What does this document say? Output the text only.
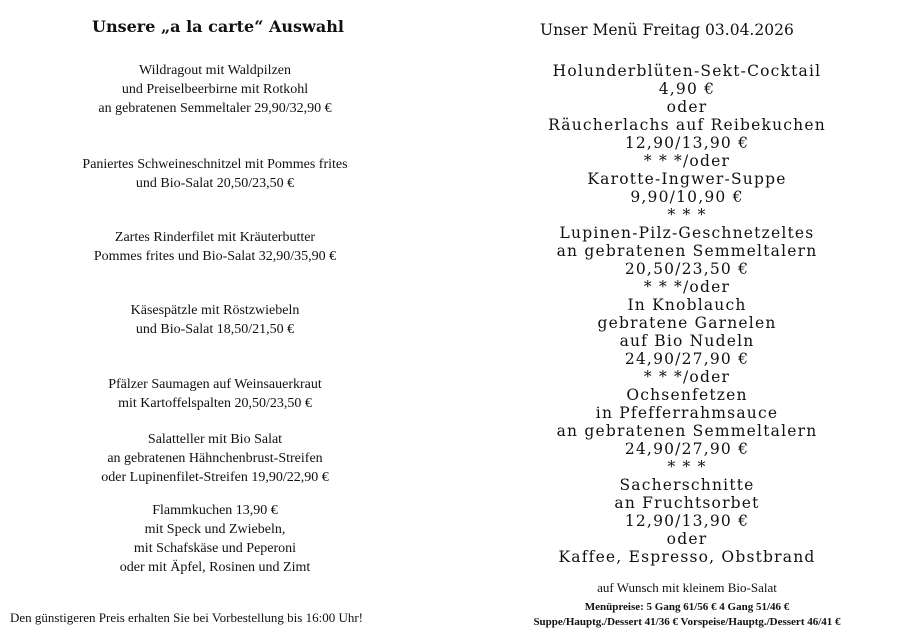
Unsere „a la carte“ Auswahl
Wildragout mit Waldpilzen
und Preiselbeerbirne mit Rotkohl
an gebratenen Semmeltaler 29,90/32,90 €
Paniertes Schweineschnitzel mit Pommes frites
und Bio-Salat 20,50/23,50 €
Zartes Rinderfilet mit Kräuterbutter
Pommes frites und Bio-Salat 32,90/35,90 €
Käsespätzle mit Röstzwiebeln
und Bio-Salat 18,50/21,50 €
Pfälzer Saumagen auf Weinsauerkraut
mit Kartoffelspalten 20,50/23,50 €
Salatteller mit Bio Salat
an gebratenen Hähnchenbrust-Streifen
oder Lupinenfilet-Streifen 19,90/22,90 €
Flammkuchen 13,90 €
mit Speck und Zwiebeln,
mit Schafskäse und Peperoni
oder mit Äpfel, Rosinen und Zimt
Den günstigeren Preis erhalten Sie bei Vorbestellung bis 16:00 Uhr!
Unser Menü Freitag 03.04.2026
Holunderblüten-Sekt-Cocktail
4,90 €
oder
Räucherlachs auf Reibekuchen
12,90/13,90 €
* * */oder
Karotte-Ingwer-Suppe
9,90/10,90 €
* * *
Lupinen-Pilz-Geschnetzeltes
an gebratenen Semmeltalern
20,50/23,50 €
* * */oder
In Knoblauch
gebratene Garnelen
auf Bio Nudeln
24,90/27,90 €
* * */oder
Ochsenfetzen
in Pfefferrahmsauce
an gebratenen Semmeltalern
24,90/27,90 €
* * *
Sacherschnitte
an Fruchtsorbet
12,90/13,90 €
oder
Kaffee, Espresso, Obstbrand
auf Wunsch mit kleinem Bio-Salat
Menüpreise: 5 Gang 61/56 € 4 Gang 51/46 €
Suppe/Hauptg./Dessert 41/36 € Vorspeise/Hauptg./Dessert 46/41 €
